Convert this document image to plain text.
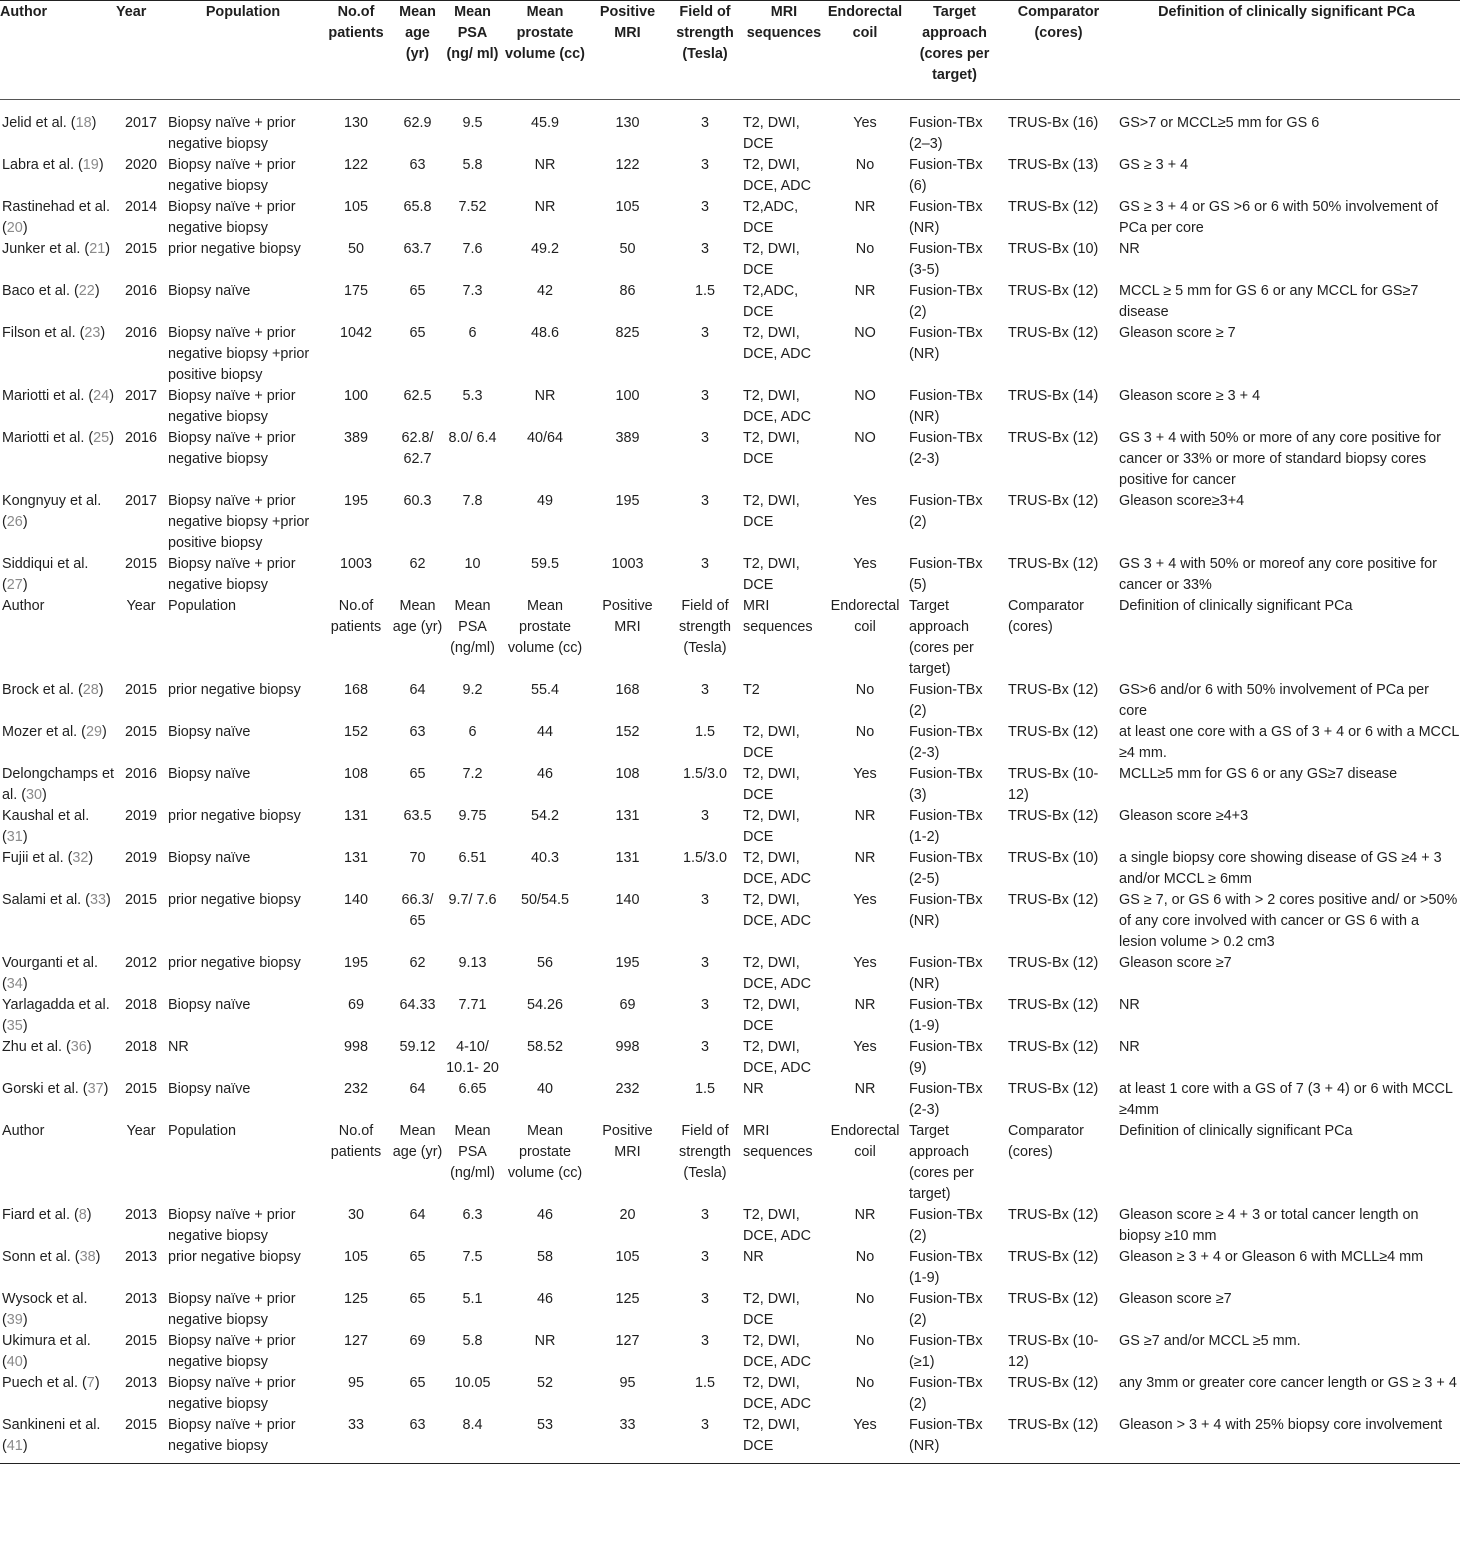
Author	Year	Population	No.of patients	Mean age (yr)	Mean PSA (ng/ ml)	Mean prostate volume (cc)	Positive MRI	Field of strength (Tesla)	MRI sequences	Endorectal coil	Target approach (cores per target)	Comparator (cores)	Definition of clinically significant PCa

Jelid et al. (18)	2017	Biopsy naïve + prior negative biopsy	130	62.9	9.5	45.9	130	3	T2, DWI, DCE	Yes	Fusion-TBx (2–3)	TRUS-Bx (16)	GS>7 or MCCL≥5 mm for GS 6
Labra et al. (19)	2020	Biopsy naïve + prior negative biopsy	122	63	5.8	NR	122	3	T2, DWI, DCE, ADC	No	Fusion-TBx (6)	TRUS-Bx (13)	GS ≥ 3 + 4
Rastinehad et al. (20)	2014	Biopsy naïve + prior negative biopsy	105	65.8	7.52	NR	105	3	T2,ADC, DCE	NR	Fusion-TBx (NR)	TRUS-Bx (12)	GS ≥ 3 + 4 or GS >6 or 6 with 50% involvement of PCa per core
Junker et al. (21)	2015	prior negative biopsy	50	63.7	7.6	49.2	50	3	T2, DWI, DCE	No	Fusion-TBx (3-5)	TRUS-Bx (10)	NR
Baco et al. (22)	2016	Biopsy naïve	175	65	7.3	42	86	1.5	T2,ADC, DCE	NR	Fusion-TBx (2)	TRUS-Bx (12)	MCCL ≥ 5 mm for GS 6 or any MCCL for GS≥7 disease
Filson et al. (23)	2016	Biopsy naïve + prior negative biopsy +prior positive biopsy	1042	65	6	48.6	825	3	T2, DWI, DCE, ADC	NO	Fusion-TBx (NR)	TRUS-Bx (12)	Gleason score ≥ 7
Mariotti et al. (24)	2017	Biopsy naïve + prior negative biopsy	100	62.5	5.3	NR	100	3	T2, DWI, DCE, ADC	NO	Fusion-TBx (NR)	TRUS-Bx (14)	Gleason score ≥ 3 + 4
Mariotti et al. (25)	2016	Biopsy naïve + prior negative biopsy	389	62.8/ 62.7	8.0/ 6.4	40/64	389	3	T2, DWI, DCE	NO	Fusion-TBx (2-3)	TRUS-Bx (12)	GS 3 + 4 with 50% or more of any core positive for cancer or 33% or more of standard biopsy cores positive for cancer
Kongnyuy et al. (26)	2017	Biopsy naïve + prior negative biopsy +prior positive biopsy	195	60.3	7.8	49	195	3	T2, DWI, DCE	Yes	Fusion-TBx (2)	TRUS-Bx (12)	Gleason score≥3+4
Siddiqui et al. (27)	2015	Biopsy naïve + prior negative biopsy	1003	62	10	59.5	1003	3	T2, DWI, DCE	Yes	Fusion-TBx (5)	TRUS-Bx (12)	GS 3 + 4 with 50% or moreof any core positive for cancer or 33%
Author	Year	Population	No.of patients	Mean age (yr)	Mean PSA (ng/ml)	Mean prostate volume (cc)	Positive MRI	Field of strength (Tesla)	MRI sequences	Endorectal coil	Target approach (cores per target)	Comparator (cores)	Definition of clinically significant PCa
Brock et al. (28)	2015	prior negative biopsy	168	64	9.2	55.4	168	3	T2	No	Fusion-TBx (2)	TRUS-Bx (12)	GS>6 and/or 6 with 50% involvement of PCa per core
Mozer et al. (29)	2015	Biopsy naïve	152	63	6	44	152	1.5	T2, DWI, DCE	No	Fusion-TBx (2-3)	TRUS-Bx (12)	at least one core with a GS of 3 + 4 or 6 with a MCCL ≥4 mm.
Delongchamps et al. (30)	2016	Biopsy naïve	108	65	7.2	46	108	1.5/3.0	T2, DWI, DCE	Yes	Fusion-TBx (3)	TRUS-Bx (10-12)	MCLL≥5 mm for GS 6 or any GS≥7 disease
Kaushal et al. (31)	2019	prior negative biopsy	131	63.5	9.75	54.2	131	3	T2, DWI, DCE	NR	Fusion-TBx (1-2)	TRUS-Bx (12)	Gleason score ≥4+3
Fujii et al. (32)	2019	Biopsy naïve	131	70	6.51	40.3	131	1.5/3.0	T2, DWI, DCE, ADC	NR	Fusion-TBx (2-5)	TRUS-Bx (10)	a single biopsy core showing disease of GS ≥4 + 3 and/or MCCL ≥ 6mm
Salami et al. (33)	2015	prior negative biopsy	140	66.3/ 65	9.7/ 7.6	50/54.5	140	3	T2, DWI, DCE, ADC	Yes	Fusion-TBx (NR)	TRUS-Bx (12)	GS ≥ 7, or GS 6 with > 2 cores positive and/ or >50% of any core involved with cancer or GS 6 with a lesion volume > 0.2 cm3
Vourganti et al. (34)	2012	prior negative biopsy	195	62	9.13	56	195	3	T2, DWI, DCE, ADC	Yes	Fusion-TBx (NR)	TRUS-Bx (12)	Gleason score ≥7
Yarlagadda et al. (35)	2018	Biopsy naïve	69	64.33	7.71	54.26	69	3	T2, DWI, DCE	NR	Fusion-TBx (1-9)	TRUS-Bx (12)	NR
Zhu et al. (36)	2018	NR	998	59.12	4-10/ 10.1- 20	58.52	998	3	T2, DWI, DCE, ADC	Yes	Fusion-TBx (9)	TRUS-Bx (12)	NR
Gorski et al. (37)	2015	Biopsy naïve	232	64	6.65	40	232	1.5	NR	NR	Fusion-TBx (2-3)	TRUS-Bx (12)	at least 1 core with a GS of 7 (3 + 4) or 6 with MCCL ≥4mm
Author	Year	Population	No.of patients	Mean age (yr)	Mean PSA (ng/ml)	Mean prostate volume (cc)	Positive MRI	Field of strength (Tesla)	MRI sequences	Endorectal coil	Target approach (cores per target)	Comparator (cores)	Definition of clinically significant PCa
Fiard et al. (8)	2013	Biopsy naïve + prior negative biopsy	30	64	6.3	46	20	3	T2, DWI, DCE, ADC	NR	Fusion-TBx (2)	TRUS-Bx (12)	Gleason score ≥ 4 + 3 or total cancer length on biopsy ≥10 mm
Sonn et al. (38)	2013	prior negative biopsy	105	65	7.5	58	105	3	NR	No	Fusion-TBx (1-9)	TRUS-Bx (12)	Gleason ≥ 3 + 4 or Gleason 6 with MCLL≥4 mm
Wysock et al. (39)	2013	Biopsy naïve + prior negative biopsy	125	65	5.1	46	125	3	T2, DWI, DCE	No	Fusion-TBx (2)	TRUS-Bx (12)	Gleason score ≥7
Ukimura et al. (40)	2015	Biopsy naïve + prior negative biopsy	127	69	5.8	NR	127	3	T2, DWI, DCE, ADC	No	Fusion-TBx (≥1)	TRUS-Bx (10-12)	GS ≥7 and/or MCCL ≥5 mm.
Puech et al. (7)	2013	Biopsy naïve + prior negative biopsy	95	65	10.05	52	95	1.5	T2, DWI, DCE, ADC	No	Fusion-TBx (2)	TRUS-Bx (12)	any 3mm or greater core cancer length or GS ≥ 3 + 4
Sankineni et al. (41)	2015	Biopsy naïve + prior negative biopsy	33	63	8.4	53	33	3	T2, DWI, DCE	Yes	Fusion-TBx (NR)	TRUS-Bx (12)	Gleason > 3 + 4 with 25% biopsy core involvement
